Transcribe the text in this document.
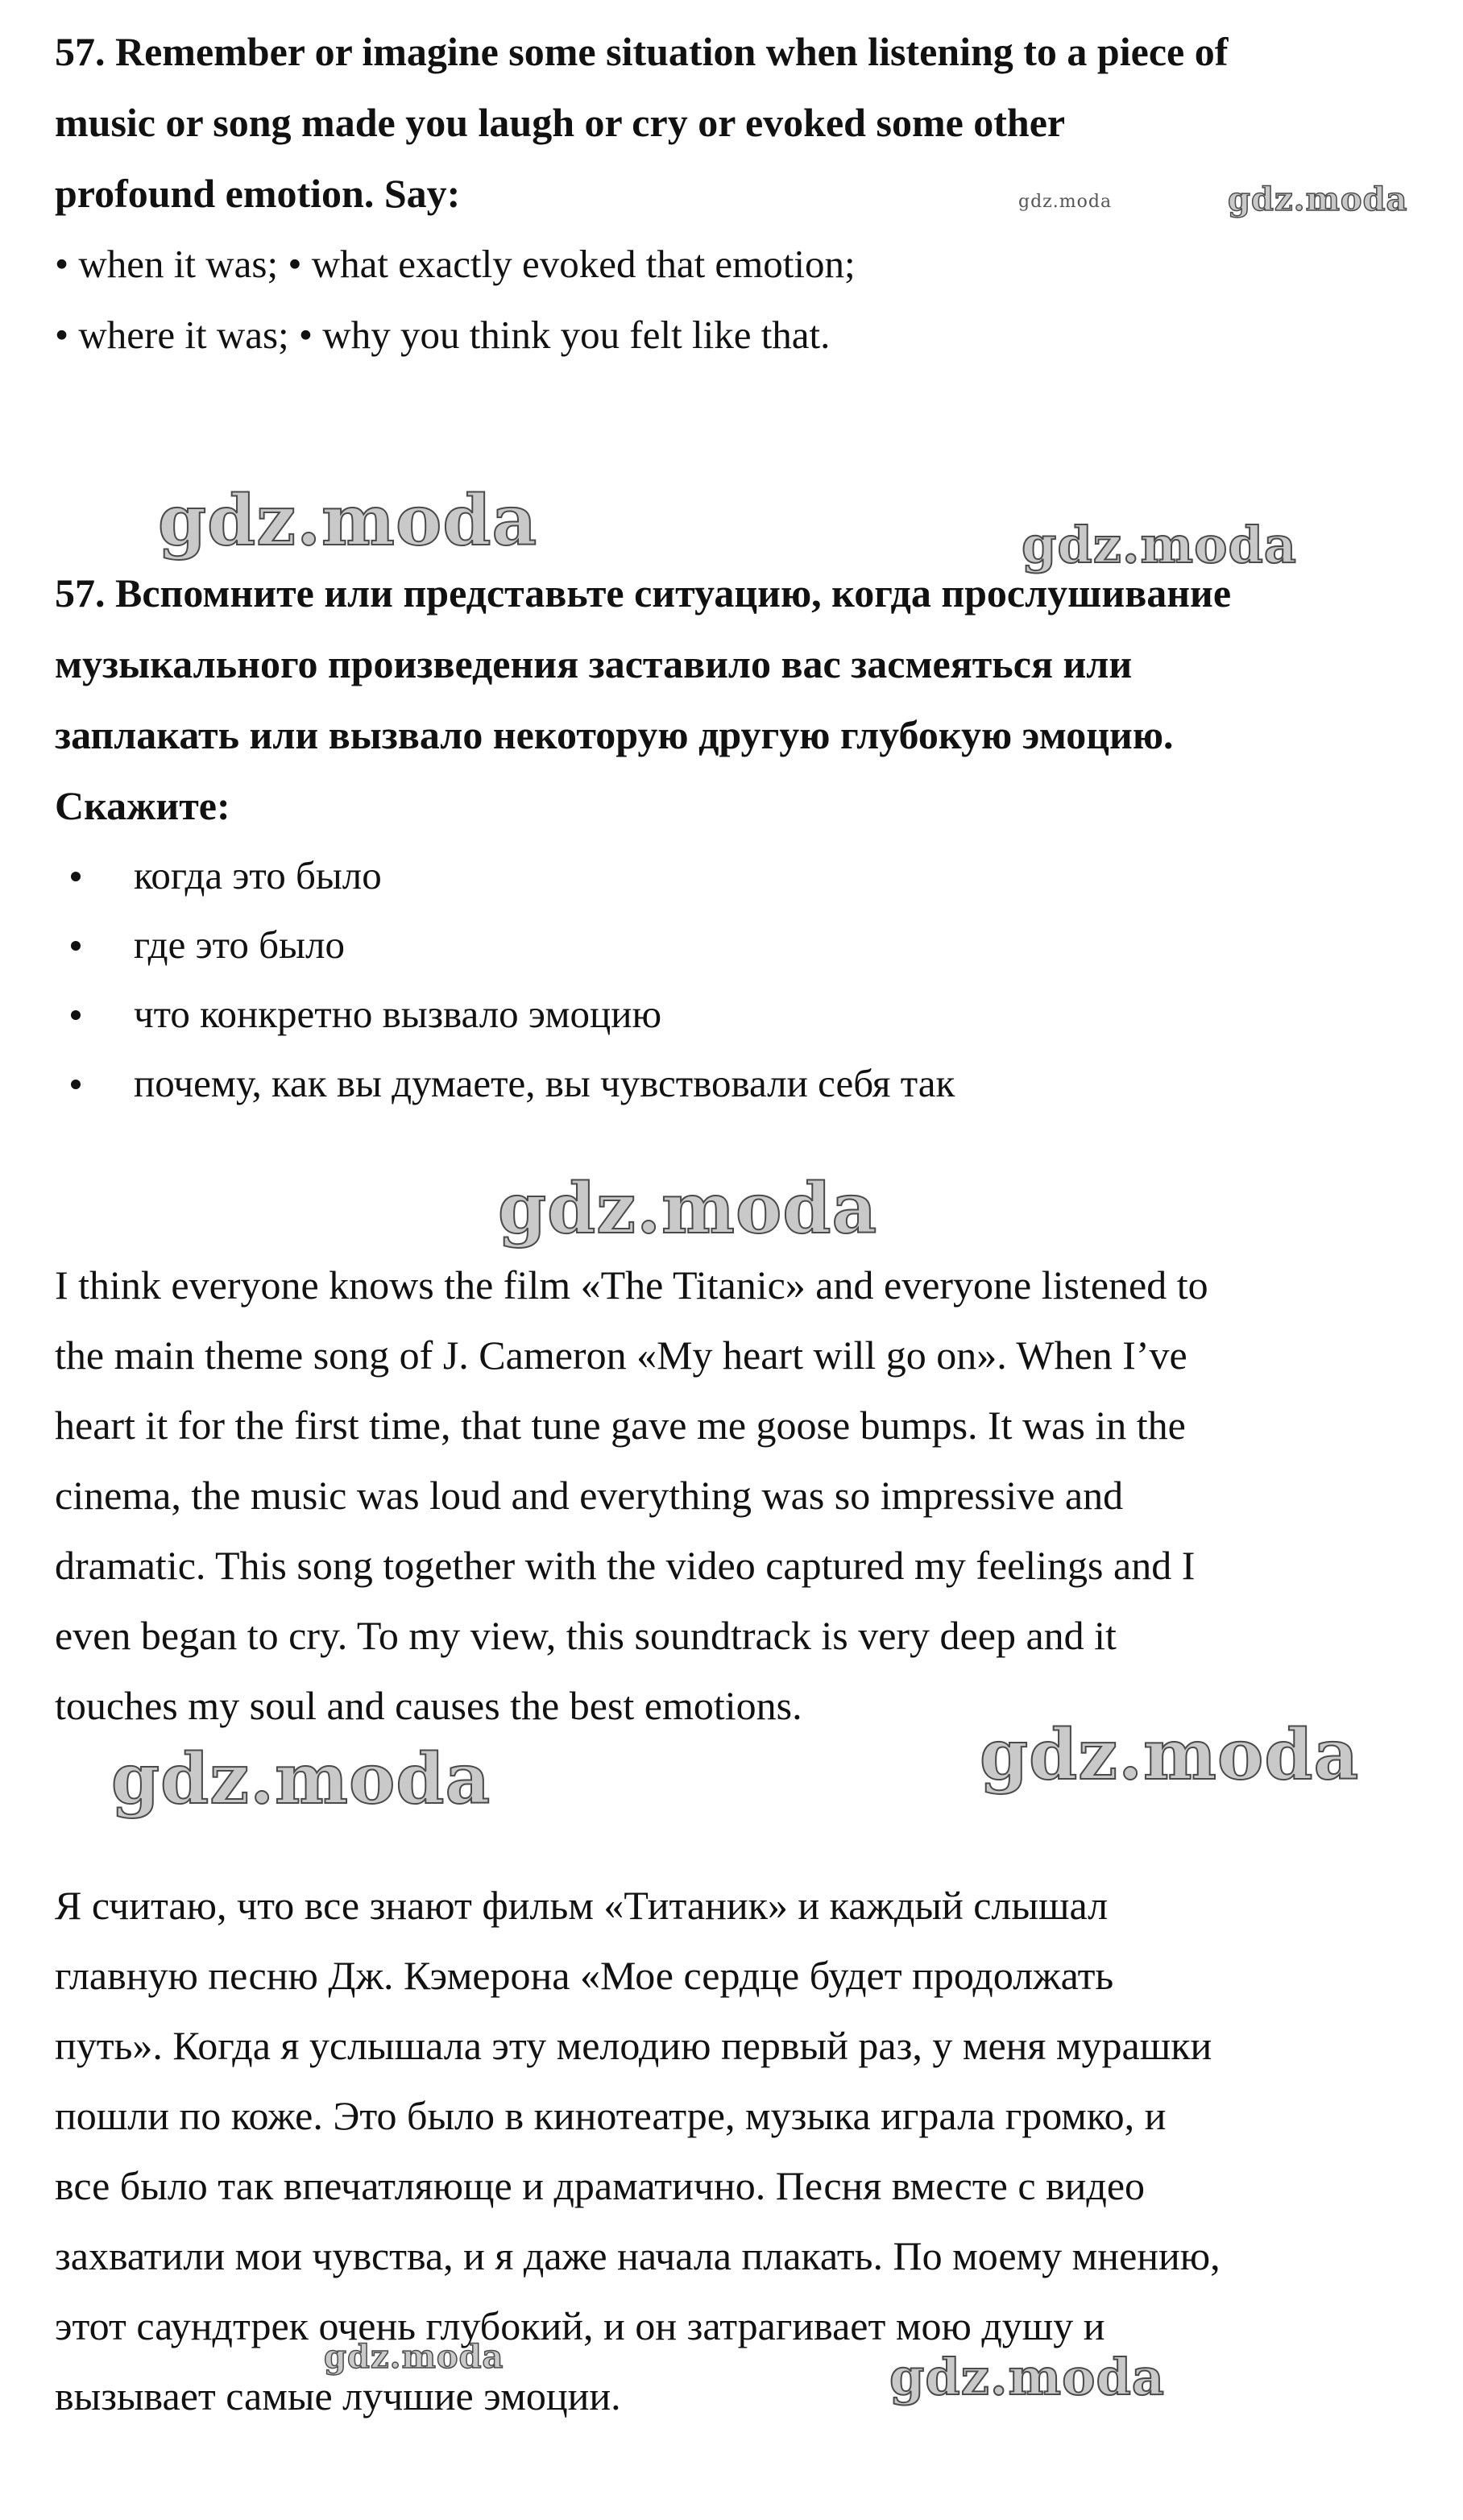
57. Remember or imagine some situation when listening to a piece of

music or song made you laugh or cry or evoked some other

profound emotion. Say:

• when it was; • what exactly evoked that emotion;

• where it was; • why you think you felt like that.

57. Вспомните или представьте ситуацию, когда прослушивание

музыкального произведения заставило вас засмеяться или

заплакать или вызвало некоторую другую глубокую эмоцию.

Скажите:

когда это было
где это было
что конкретно вызвало эмоцию
почему, как вы думаете, вы чувствовали себя так

I think everyone knows the film «The Titanic» and everyone listened to

the main theme song of J. Cameron «My heart will go on». When I’ve

heart it for the first time, that tune gave me goose bumps. It was in the

cinema, the music was loud and everything was so impressive and

dramatic. This song together with the video captured my feelings and I

even began to cry. To my view, this soundtrack is very deep and it

touches my soul and causes the best emotions.

Я считаю, что все знают фильм «Титаник» и каждый слышал

главную песню Дж. Кэмерона «Мое сердце будет продолжать

путь». Когда я услышала эту мелодию первый раз, у меня мурашки

пошли по коже. Это было в кинотеатре, музыка играла громко, и

все было так впечатляюще и драматично. Песня вместе с видео

захватили мои чувства, и я даже начала плакать. По моему мнению,

этот саундтрек очень глубокий, и он затрагивает мою душу и

вызывает самые лучшие эмоции.

gdz.moda	gdz.moda
gdz.moda	gdz.moda
gdz.moda
gdz.moda
gdz.moda
gdz.moda	gdz.moda
